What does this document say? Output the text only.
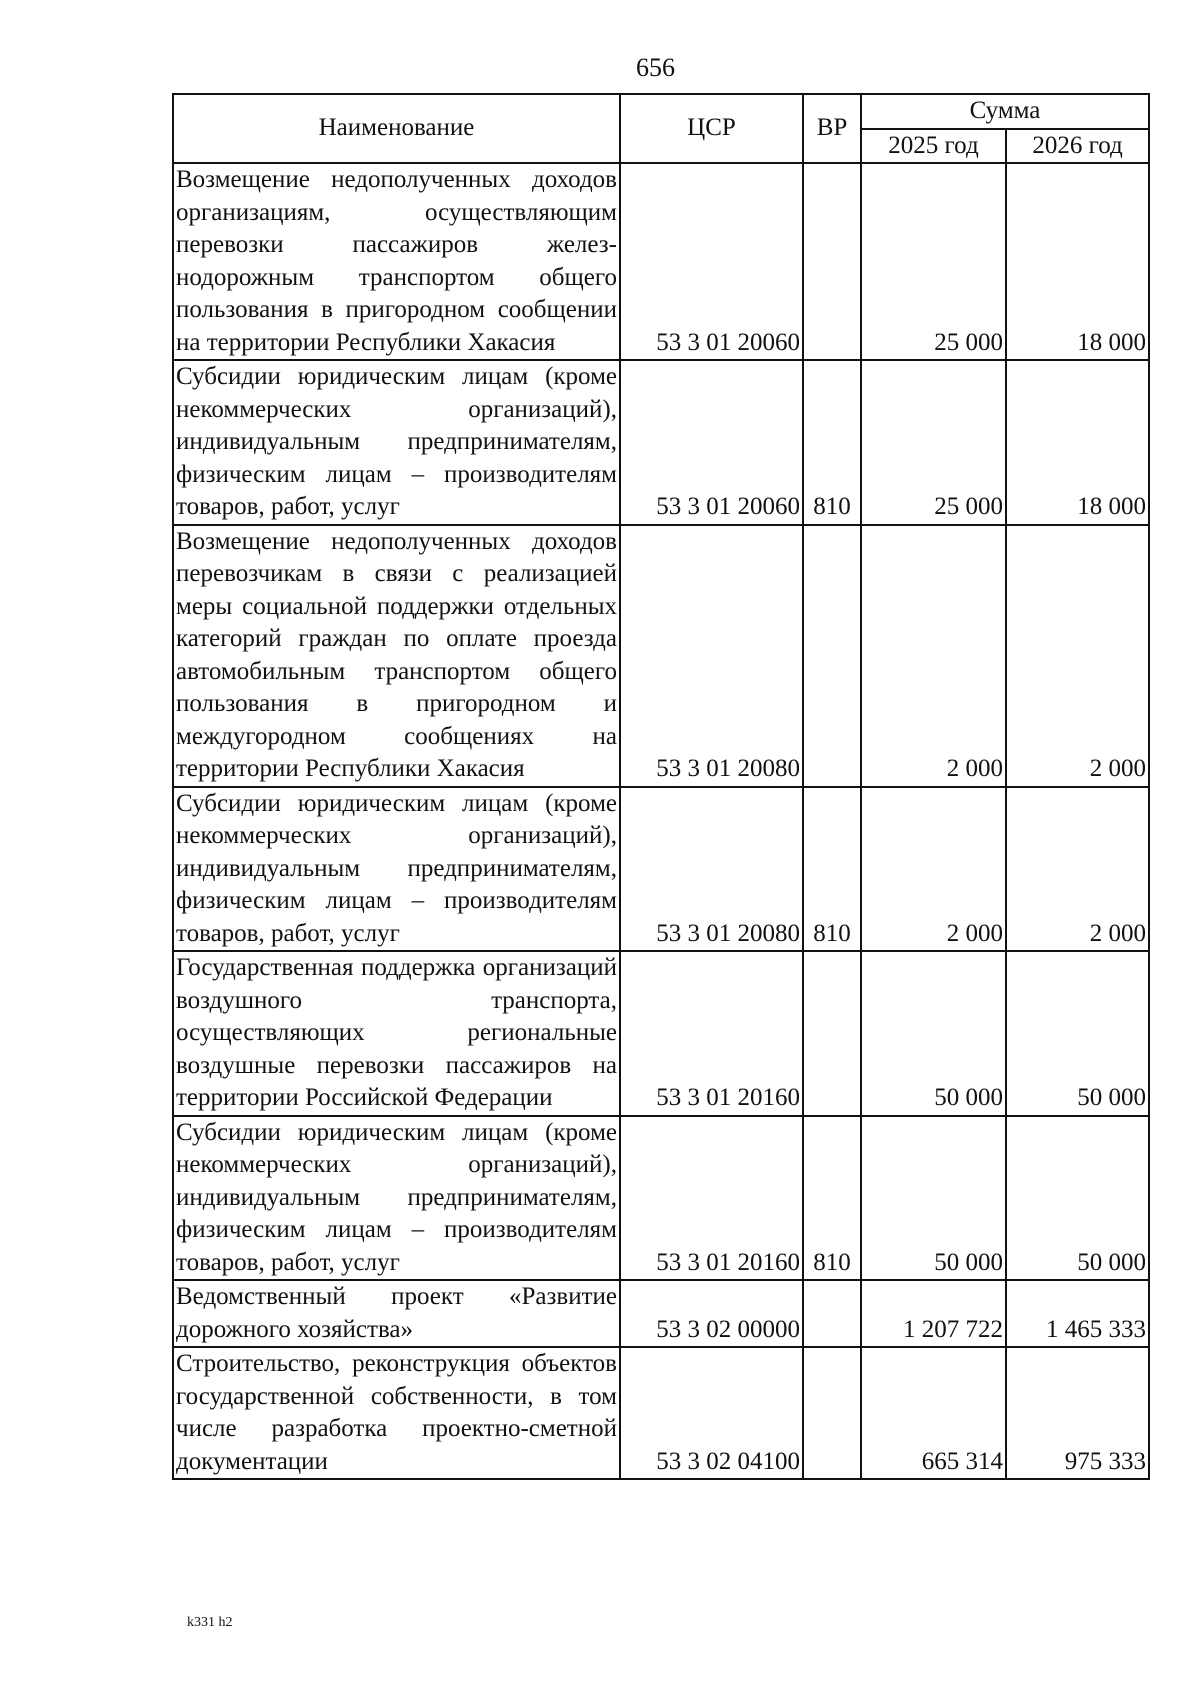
656
Наименование	ЦСР	ВР	Сумма	
			2025 год	2026 год
Возмещение недополученных доходов организациям, осуществляющим перевозки пассажиров железнодорожным транспортом общего пользования в пригородном сообщении на территории Республики Хакасия	53 3 01 20060		25 000	18 000
Субсидии юридическим лицам (кроме некоммерческих организаций), индивидуальным предпринимателям, физическим лицам – производителям товаров, работ, услуг	53 3 01 20060	810	25 000	18 000
Возмещение недополученных доходов перевозчикам в связи с реализацией меры социальной поддержки отдельных категорий граждан по оплате проезда автомобильным транспортом общего пользования в пригородном и междугородном сообщениях на территории Республики Хакасия	53 3 01 20080		2 000	2 000
Субсидии юридическим лицам (кроме некоммерческих организаций), индивидуальным предпринимателям, физическим лицам – производителям товаров, работ, услуг	53 3 01 20080	810	2 000	2 000
Государственная поддержка организаций воздушного транспорта, осуществляющих региональные воздушные перевозки пассажиров на территории Российской Федерации	53 3 01 20160		50 000	50 000
Субсидии юридическим лицам (кроме некоммерческих организаций), индивидуальным предпринимателям, физическим лицам – производителям товаров, работ, услуг	53 3 01 20160	810	50 000	50 000
Ведомственный проект «Развитие дорожного хозяйства»	53 3 02 00000		1 207 722	1 465 333
Строительство, реконструкция объектов государственной собственности, в том числе разработка проектно-сметной документации	53 3 02 04100		665 314	975 333
k331 h2
